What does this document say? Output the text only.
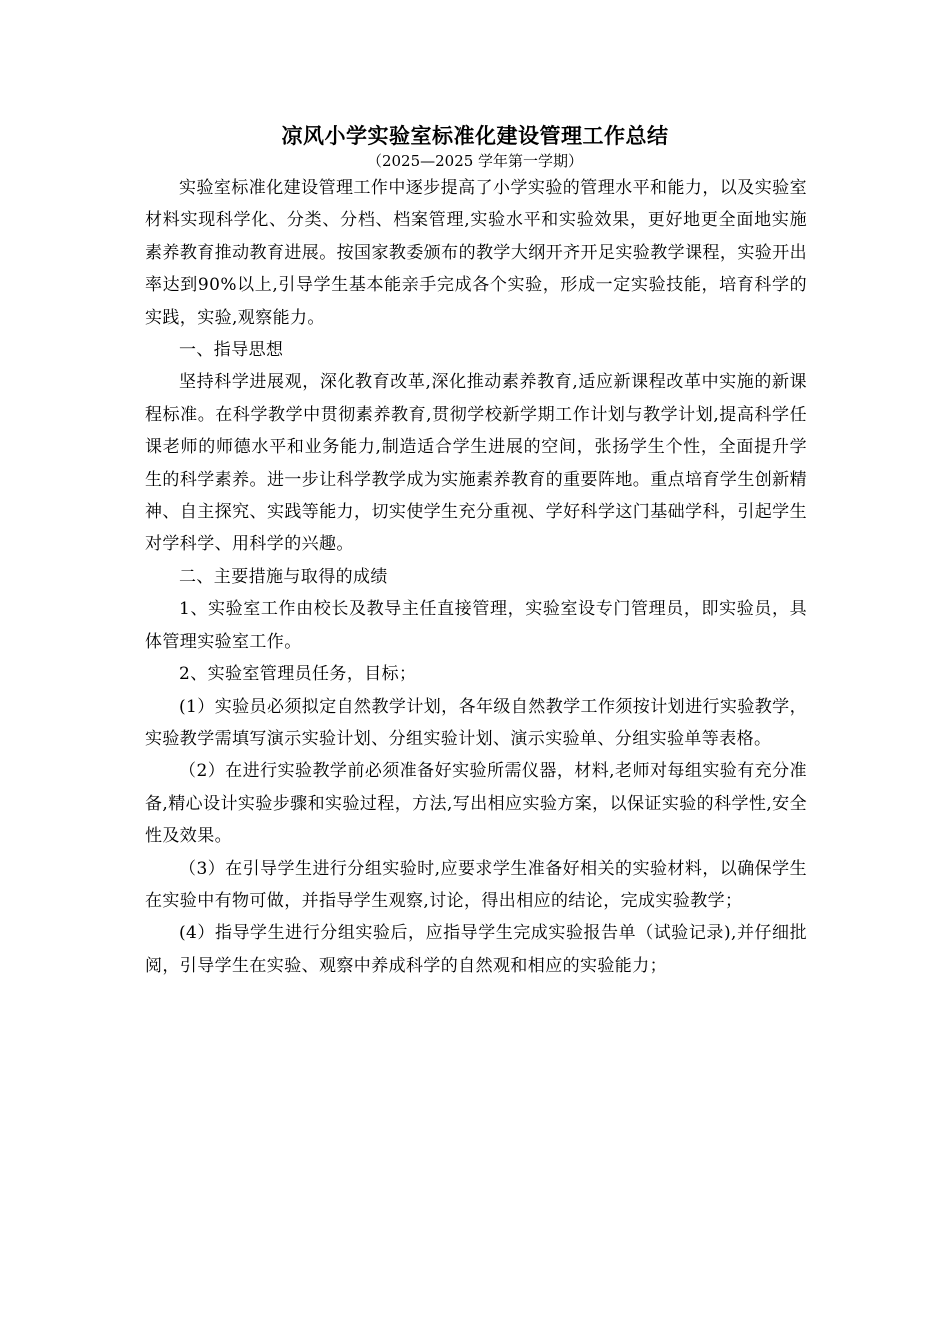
凉风小学实验室标准化建设管理工作总结
（2025—2025 学年第一学期）

实验室标准化建设管理工作中逐步提高了小学实验的管理水平和能力，以及实验室材料实现科学化、分类、分档、档案管理,实验水平和实验效果，更好地更全面地实施素养教育推动教育进展。按国家教委颁布的教学大纲开齐开足实验教学课程，实验开出率达到90%以上,引导学生基本能亲手完成各个实验，形成一定实验技能，培育科学的实践，实验,观察能力。

一、指导思想

坚持科学进展观，深化教育改革,深化推动素养教育,适应新课程改革中实施的新课程标准。在科学教学中贯彻素养教育,贯彻学校新学期工作计划与教学计划,提高科学任课老师的师德水平和业务能力,制造适合学生进展的空间，张扬学生个性，全面提升学生的科学素养。进一步让科学教学成为实施素养教育的重要阵地。重点培育学生创新精神、自主探究、实践等能力，切实使学生充分重视、学好科学这门基础学科，引起学生对学科学、用科学的兴趣。

二、主要措施与取得的成绩

1、实验室工作由校长及教导主任直接管理，实验室设专门管理员，即实验员，具体管理实验室工作。

2、实验室管理员任务，目标；

(1）实验员必须拟定自然教学计划，各年级自然教学工作须按计划进行实验教学，实验教学需填写演示实验计划、分组实验计划、演示实验单、分组实验单等表格。

（2）在进行实验教学前必须准备好实验所需仪器，材料,老师对每组实验有充分准备,精心设计实验步骤和实验过程，方法,写出相应实验方案，以保证实验的科学性,安全性及效果。

（3）在引导学生进行分组实验时,应要求学生准备好相关的实验材料，以确保学生在实验中有物可做，并指导学生观察,讨论，得出相应的结论，完成实验教学；

(4）指导学生进行分组实验后，应指导学生完成实验报告单（试验记录),并仔细批阅，引导学生在实验、观察中养成科学的自然观和相应的实验能力；
